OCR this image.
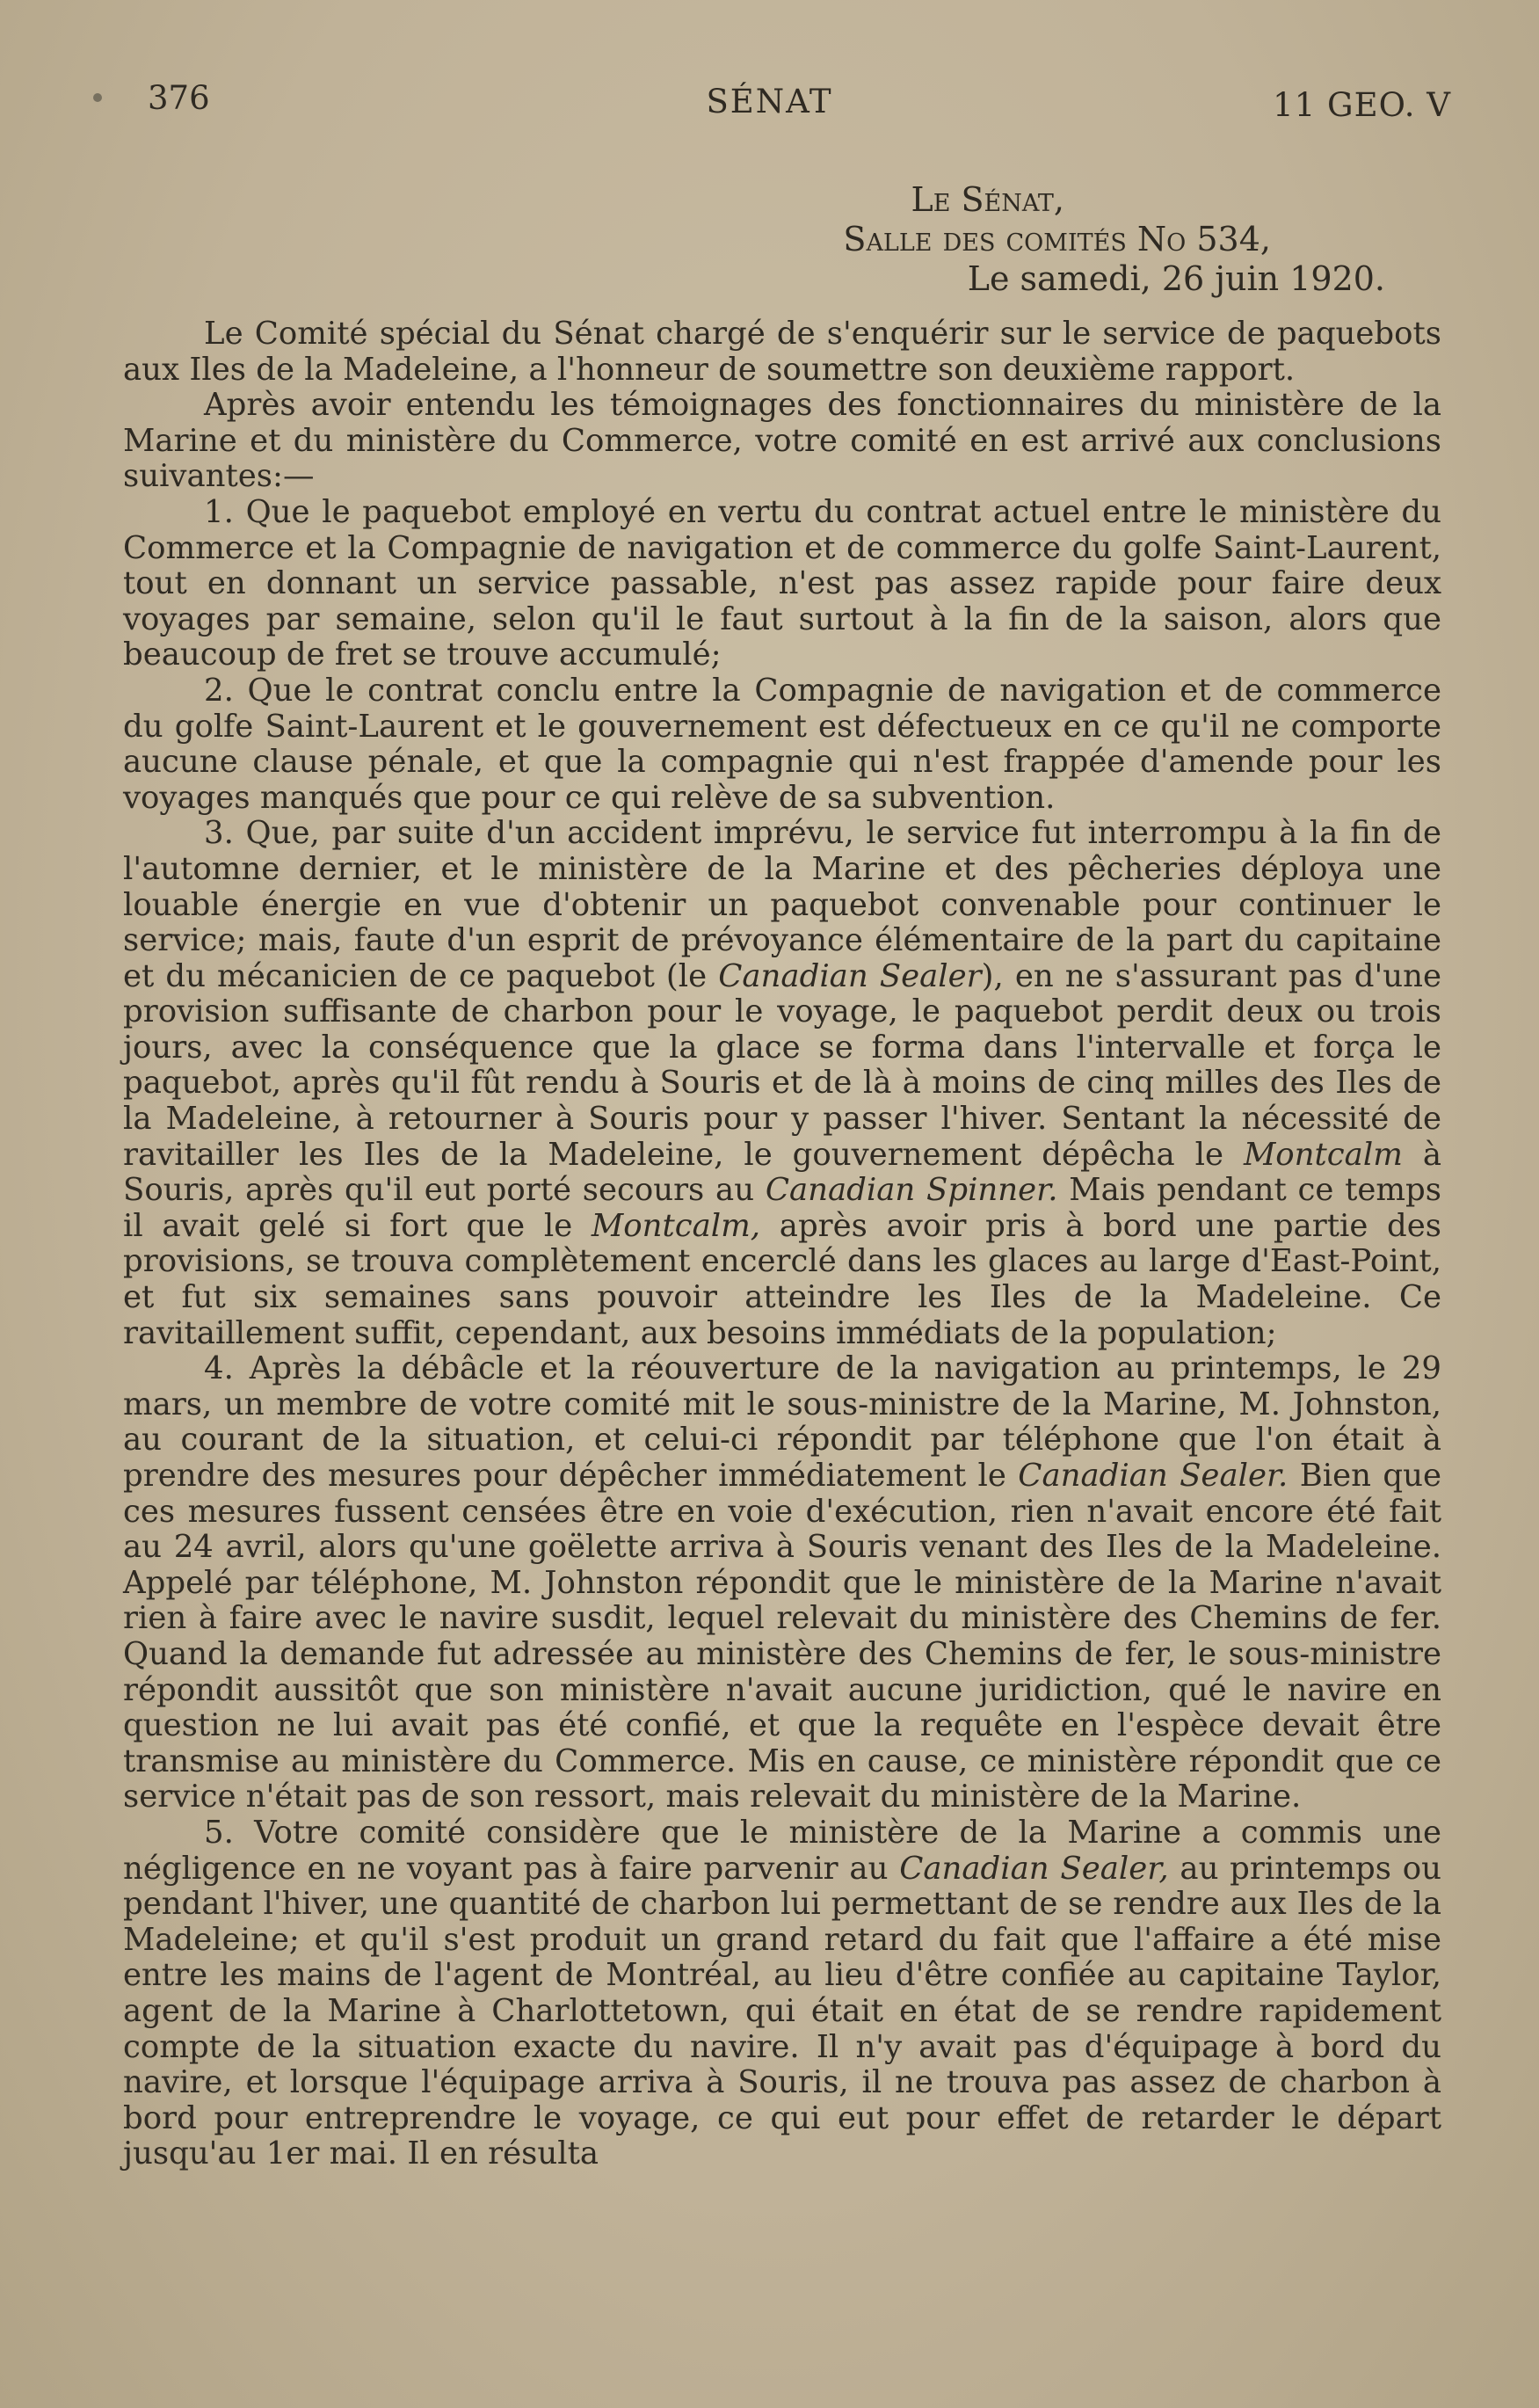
376	SÉNAT	11 GEO. V
Le Sénat,
Salle des comités No 534,
Le samedi, 26 juin 1920.

Le Comité spécial du Sénat chargé de s'enquérir sur le service de paquebots aux Iles de la Madeleine, a l'honneur de soumettre son deuxième rapport.

Après avoir entendu les témoignages des fonctionnaires du ministère de la Marine et du ministère du Commerce, votre comité en est arrivé aux conclusions suivantes:—

1. Que le paquebot employé en vertu du contrat actuel entre le ministère du Commerce et la Compagnie de navigation et de commerce du golfe Saint-Laurent, tout en donnant un service passable, n'est pas assez rapide pour faire deux voyages par semaine, selon qu'il le faut surtout à la fin de la saison, alors que beaucoup de fret se trouve accumulé;

2. Que le contrat conclu entre la Compagnie de navigation et de commerce du golfe Saint-Laurent et le gouvernement est défectueux en ce qu'il ne comporte aucune clause pénale, et que la compagnie qui n'est frappée d'amende pour les voyages manqués que pour ce qui relève de sa subvention.

3. Que, par suite d'un accident imprévu, le service fut interrompu à la fin de l'automne dernier, et le ministère de la Marine et des pêcheries déploya une louable énergie en vue d'obtenir un paquebot convenable pour continuer le service; mais, faute d'un esprit de prévoyance élémentaire de la part du capitaine et du mécanicien de ce paquebot (le Canadian Sealer), en ne s'assurant pas d'une provision suffisante de charbon pour le voyage, le paquebot perdit deux ou trois jours, avec la conséquence que la glace se forma dans l'intervalle et força le paquebot, après qu'il fût rendu à Souris et de là à moins de cinq milles des Iles de la Madeleine, à retourner à Souris pour y passer l'hiver. Sentant la nécessité de ravitailler les Iles de la Madeleine, le gouvernement dépêcha le Montcalm à Souris, après qu'il eut porté secours au Canadian Spinner. Mais pendant ce temps il avait gelé si fort que le Montcalm, après avoir pris à bord une partie des provisions, se trouva complètement encerclé dans les glaces au large d'East-Point, et fut six semaines sans pouvoir atteindre les Iles de la Madeleine. Ce ravitaillement suffit, cependant, aux besoins immédiats de la population;

4. Après la débâcle et la réouverture de la navigation au printemps, le 29 mars, un membre de votre comité mit le sous-ministre de la Marine, M. Johnston, au courant de la situation, et celui-ci répondit par téléphone que l'on était à prendre des mesures pour dépêcher immédiatement le Canadian Sealer. Bien que ces mesures fussent censées être en voie d'exécution, rien n'avait encore été fait au 24 avril, alors qu'une goëlette arriva à Souris venant des Iles de la Madeleine. Appelé par téléphone, M. Johnston répondit que le ministère de la Marine n'avait rien à faire avec le navire susdit, lequel relevait du ministère des Chemins de fer. Quand la demande fut adressée au ministère des Chemins de fer, le sous-ministre répondit aussitôt que son ministère n'avait aucune juridiction, qué le navire en question ne lui avait pas été confié, et que la requête en l'espèce devait être transmise au ministère du Commerce. Mis en cause, ce ministère répondit que ce service n'était pas de son ressort, mais relevait du ministère de la Marine.

5. Votre comité considère que le ministère de la Marine a commis une négligence en ne voyant pas à faire parvenir au Canadian Sealer, au printemps ou pendant l'hiver, une quantité de charbon lui permettant de se rendre aux Iles de la Madeleine; et qu'il s'est produit un grand retard du fait que l'affaire a été mise entre les mains de l'agent de Montréal, au lieu d'être confiée au capitaine Taylor, agent de la Marine à Charlottetown, qui était en état de se rendre rapidement compte de la situation exacte du navire. Il n'y avait pas d'équipage à bord du navire, et lorsque l'équipage arriva à Souris, il ne trouva pas assez de charbon à bord pour entreprendre le voyage, ce qui eut pour effet de retarder le départ jusqu'au 1er mai. Il en résulta
